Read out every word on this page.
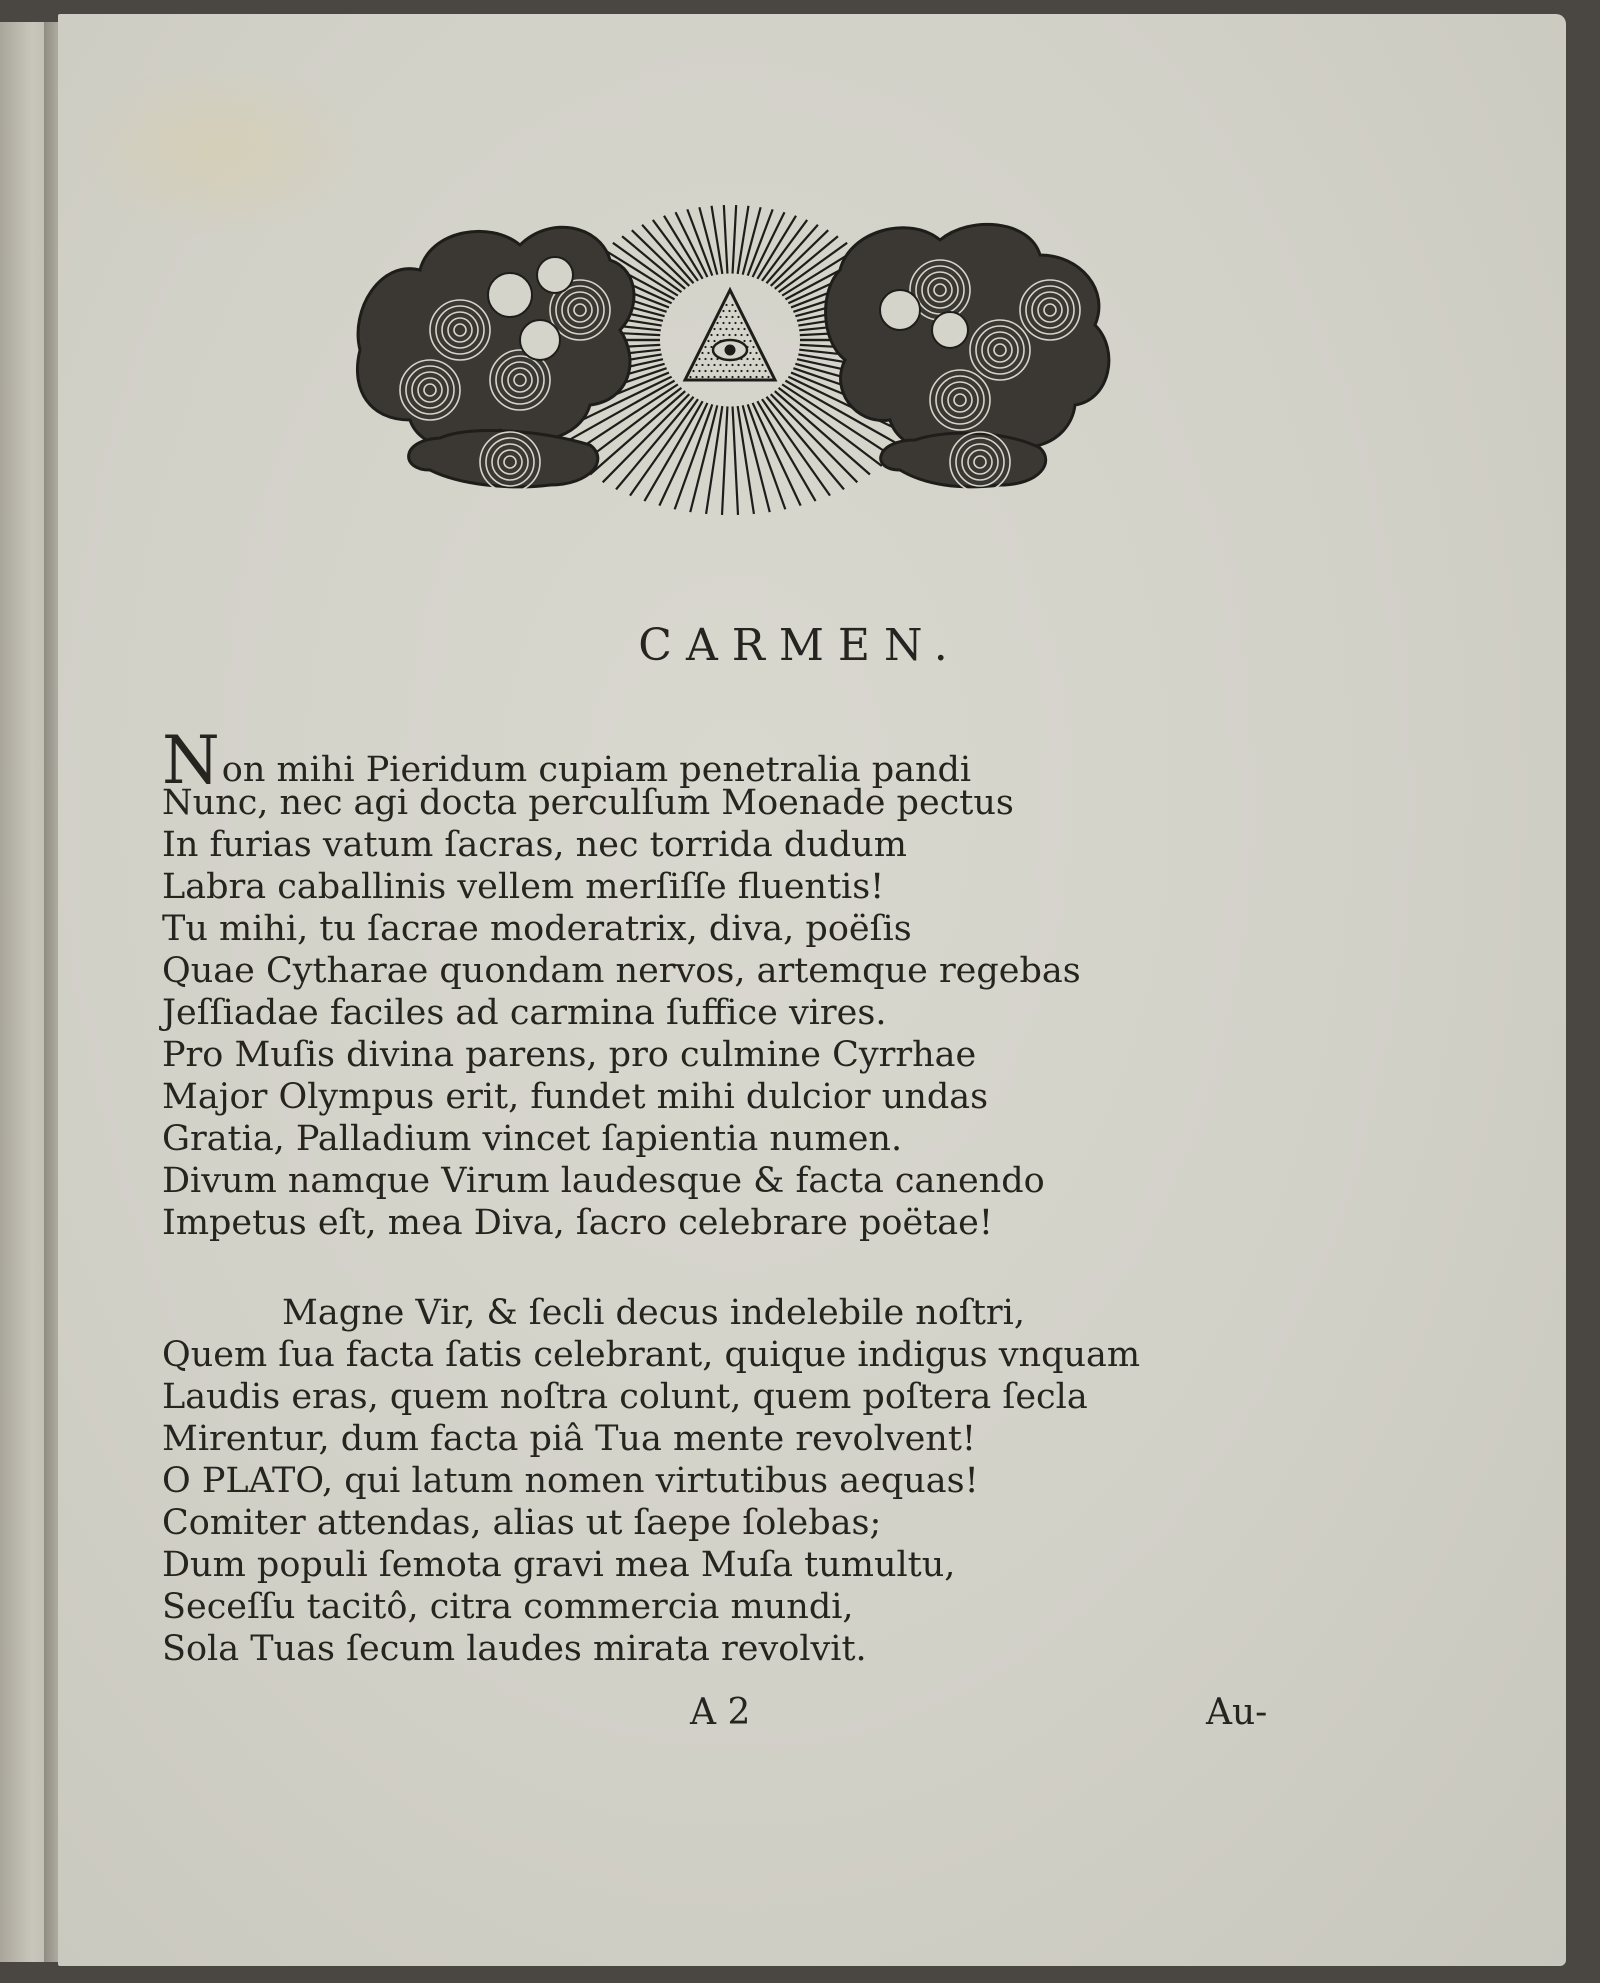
CARMEN.
Non mihi Pieridum cupiam penetralia pandi
Nunc, nec agi docta perculſum Moenade pectus
In furias vatum ſacras, nec torrida dudum
Labra caballinis vellem merſiſſe fluentis!
Tu mihi, tu ſacrae moderatrix, diva, poëſis
Quae Cytharae quondam nervos, artemque regebas
Jeſſiadae faciles ad carmina ſuffice vires.
Pro Muſis divina parens, pro culmine Cyrrhae
Major Olympus erit, fundet mihi dulcior undas
Gratia, Palladium vincet ſapientia numen.
Divum namque Virum laudesque & facta canendo
Impetus eſt, mea Diva, ſacro celebrare poëtae!
Magne Vir, & ſecli decus indelebile noſtri,
Quem ſua facta ſatis celebrant, quique indigus vnquam
Laudis eras, quem noſtra colunt, quem poſtera ſecla
Mirentur, dum facta piâ Tua mente revolvent!
O PLATO, qui latum nomen virtutibus aequas!
Comiter attendas, alias ut ſaepe ſolebas;
Dum populi ſemota gravi mea Muſa tumultu,
Seceſſu tacitô, citra commercia mundi,
Sola Tuas ſecum laudes mirata revolvit.
A 2	Au-
